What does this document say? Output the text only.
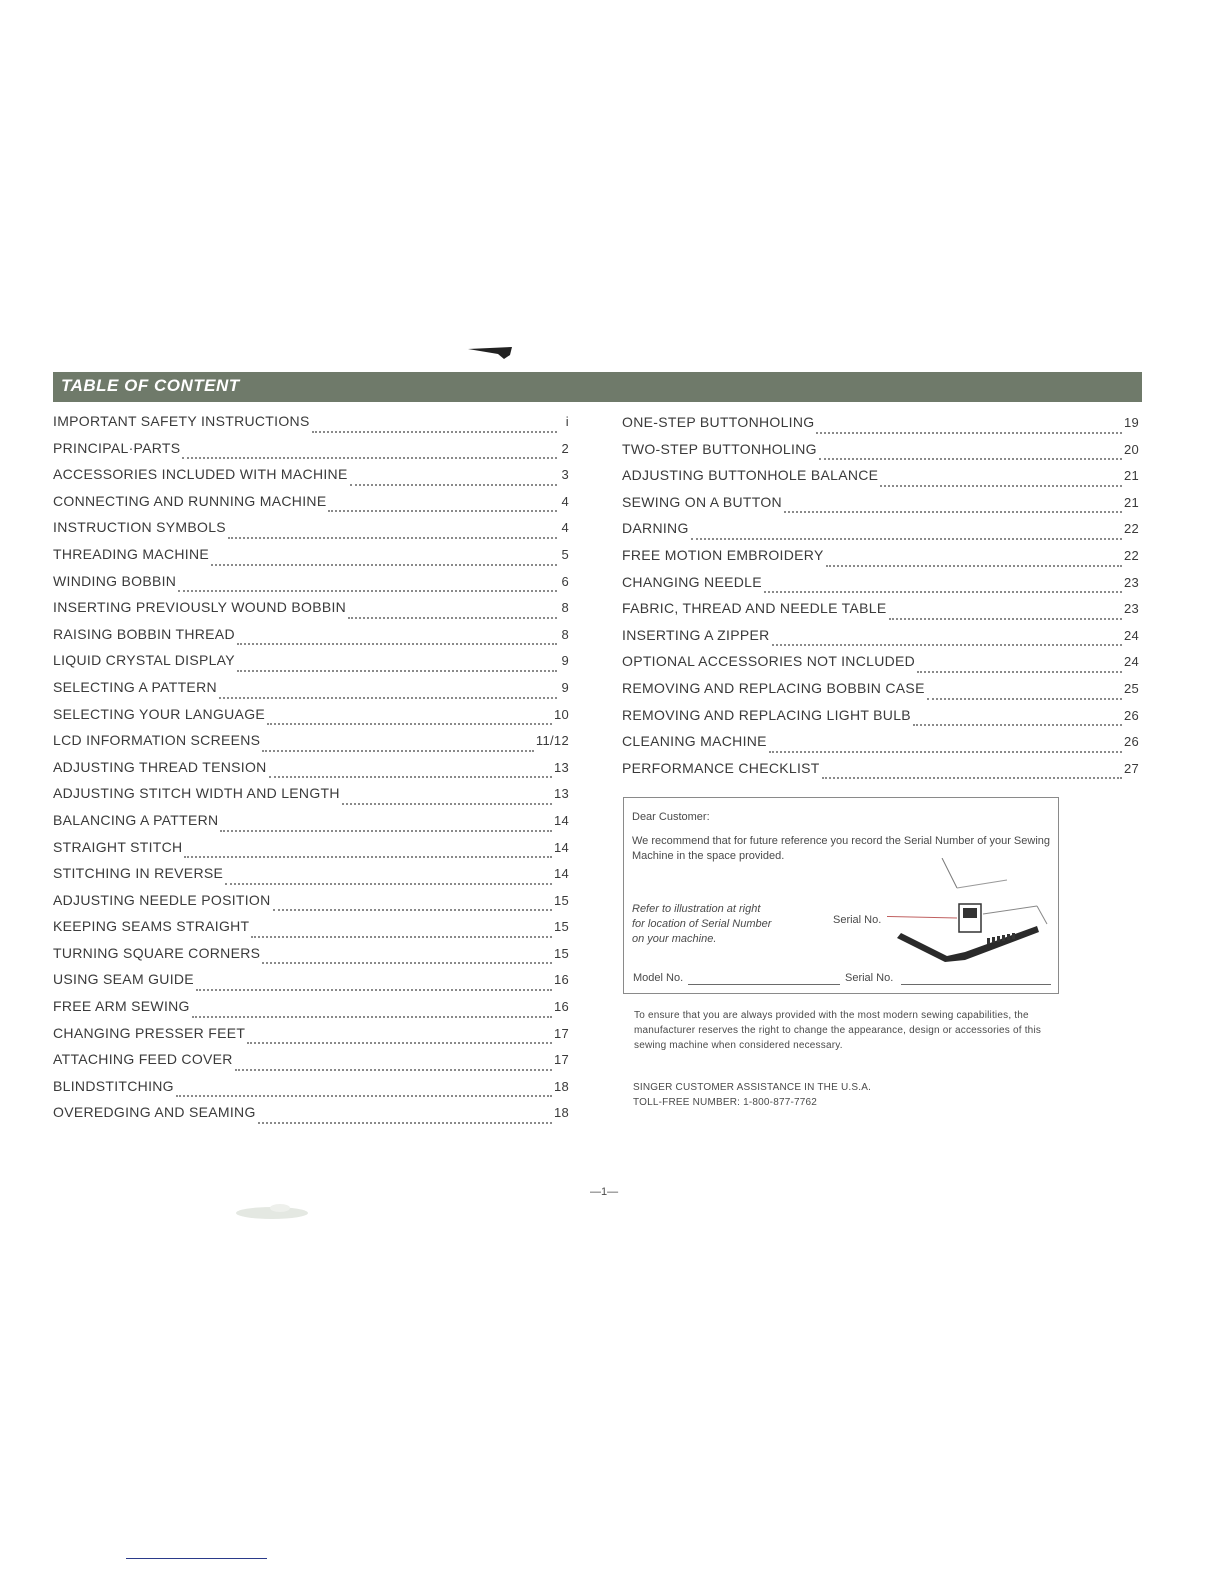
TABLE OF CONTENT
IMPORTANT SAFETY INSTRUCTIONS	i
PRINCIPAL·PARTS	2
ACCESSORIES INCLUDED WITH MACHINE	3
CONNECTING AND RUNNING MACHINE	4
INSTRUCTION SYMBOLS	4
THREADING MACHINE	5
WINDING BOBBIN	6
INSERTING PREVIOUSLY WOUND BOBBIN	8
RAISING BOBBIN THREAD	8
LIQUID CRYSTAL DISPLAY	9
SELECTING A PATTERN	9
SELECTING YOUR LANGUAGE	10
LCD INFORMATION SCREENS	11/12
ADJUSTING THREAD TENSION	13
ADJUSTING STITCH WIDTH AND LENGTH	13
BALANCING A PATTERN	14
STRAIGHT STITCH	14
STITCHING IN REVERSE	14
ADJUSTING NEEDLE POSITION	15
KEEPING SEAMS STRAIGHT	15
TURNING SQUARE CORNERS	15
USING SEAM GUIDE	16
FREE ARM SEWING	16
CHANGING PRESSER FEET	17
ATTACHING FEED COVER	17
BLINDSTITCHING	18
OVEREDGING AND SEAMING	18
ONE-STEP BUTTONHOLING	19
TWO-STEP BUTTONHOLING	20
ADJUSTING BUTTONHOLE BALANCE	21
SEWING ON A BUTTON	21
DARNING	22
FREE MOTION EMBROIDERY	22
CHANGING NEEDLE	23
FABRIC, THREAD AND NEEDLE TABLE	23
INSERTING A ZIPPER	24
OPTIONAL ACCESSORIES NOT INCLUDED	24
REMOVING AND REPLACING BOBBIN CASE	25
REMOVING AND REPLACING LIGHT BULB	26
CLEANING MACHINE	26
PERFORMANCE CHECKLIST	27
Dear Customer:
We recommend that for future reference you record the Serial Number of your Sewing Machine in the space provided.
Refer to illustration at right for location of Serial Number on your machine.
Serial No.
Model No.	Serial No.
To ensure that you are always provided with the most modern sewing capabilities, the manufacturer reserves the right to change the appearance, design or accessories of this sewing machine when considered necessary.
SINGER CUSTOMER ASSISTANCE IN THE U.S.A.
TOLL-FREE NUMBER: 1-800-877-7762
—1—
